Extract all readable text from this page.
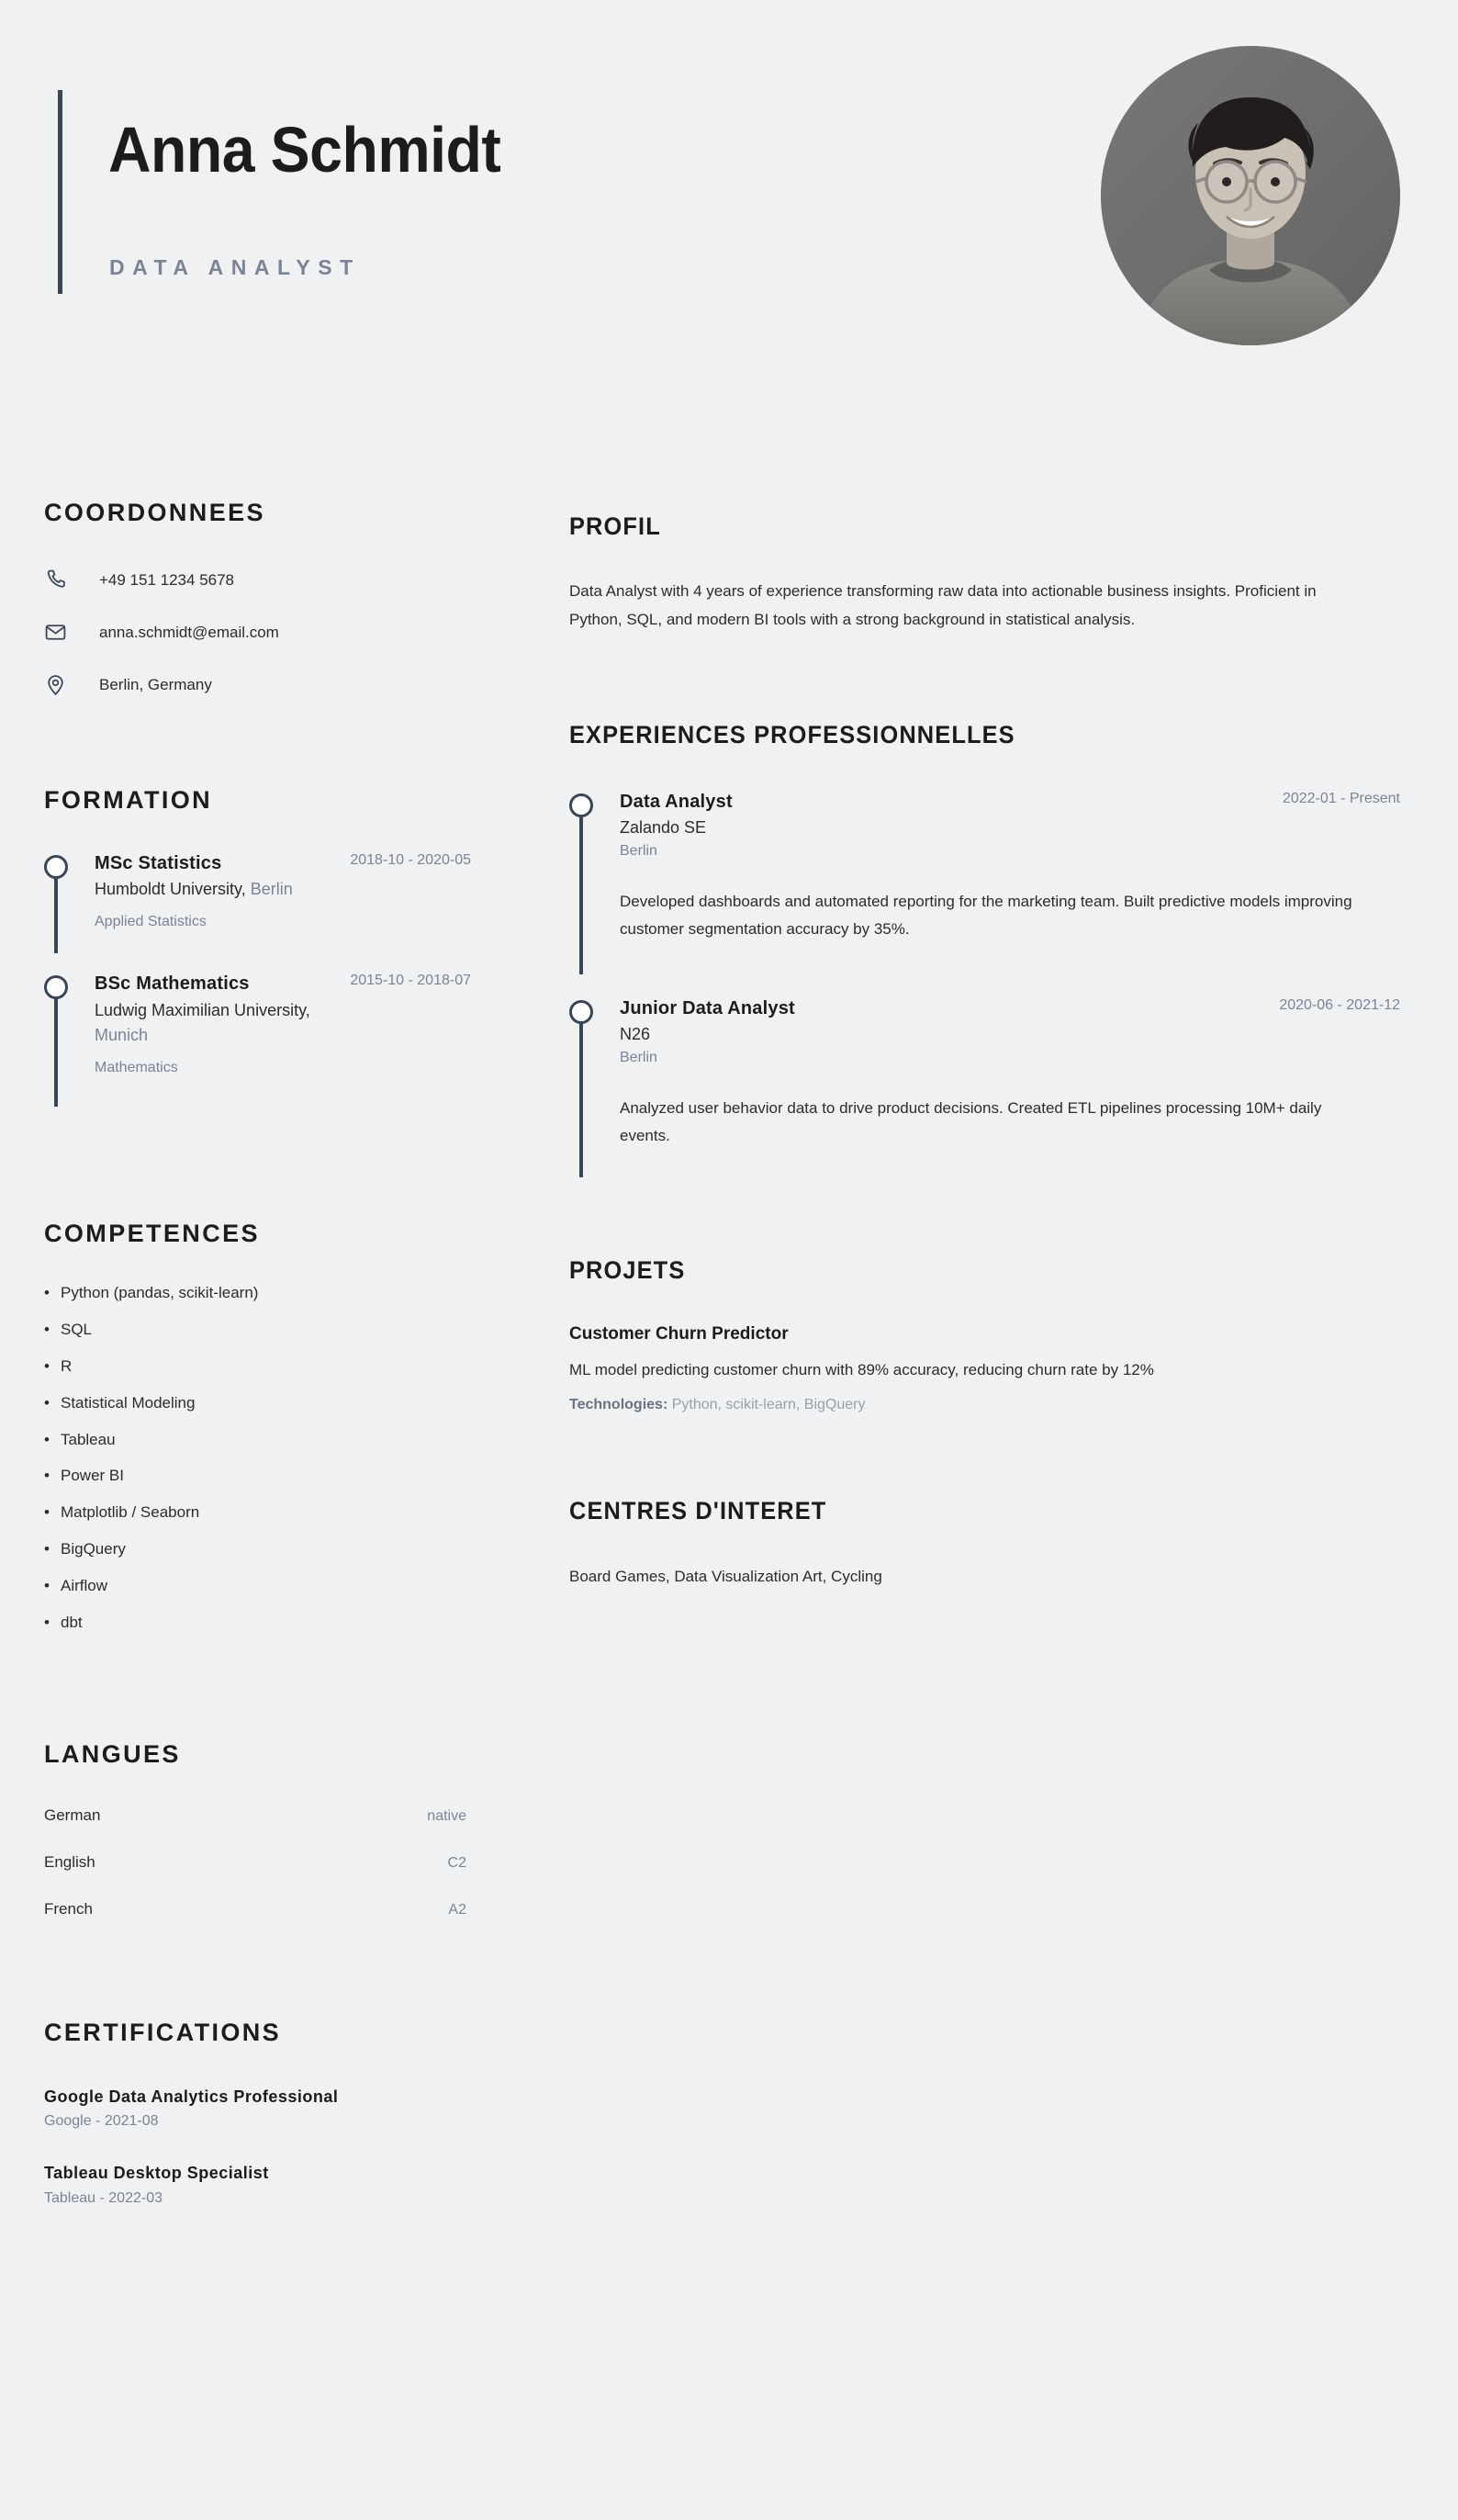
Anna Schmidt
DATA ANALYST
COORDONNEES
+49 151 1234 5678
anna.schmidt@email.com
Berlin, Germany
FORMATION
MSc Statistics	2018-10 - 2020-05
Humboldt University, Berlin
Applied Statistics
BSc Mathematics	2015-10 - 2018-07
Ludwig Maximilian University, Munich
Mathematics
COMPETENCES
• Python (pandas, scikit-learn)
• SQL
• R
• Statistical Modeling
• Tableau
• Power BI
• Matplotlib / Seaborn
• BigQuery
• Airflow
• dbt
LANGUES
German	native
English	C2
French	A2
CERTIFICATIONS
Google Data Analytics Professional
Google - 2021-08
Tableau Desktop Specialist
Tableau - 2022-03
PROFIL
Data Analyst with 4 years of experience transforming raw data into actionable business insights. Proficient in Python, SQL, and modern BI tools with a strong background in statistical analysis.
EXPERIENCES PROFESSIONNELLES
Data Analyst	2022-01 - Present
Zalando SE
Berlin
Developed dashboards and automated reporting for the marketing team. Built predictive models improving customer segmentation accuracy by 35%.
Junior Data Analyst	2020-06 - 2021-12
N26
Berlin
Analyzed user behavior data to drive product decisions. Created ETL pipelines processing 10M+ daily events.
PROJETS
Customer Churn Predictor
ML model predicting customer churn with 89% accuracy, reducing churn rate by 12%
Technologies: Python, scikit-learn, BigQuery
CENTRES D'INTERET
Board Games, Data Visualization Art, Cycling
